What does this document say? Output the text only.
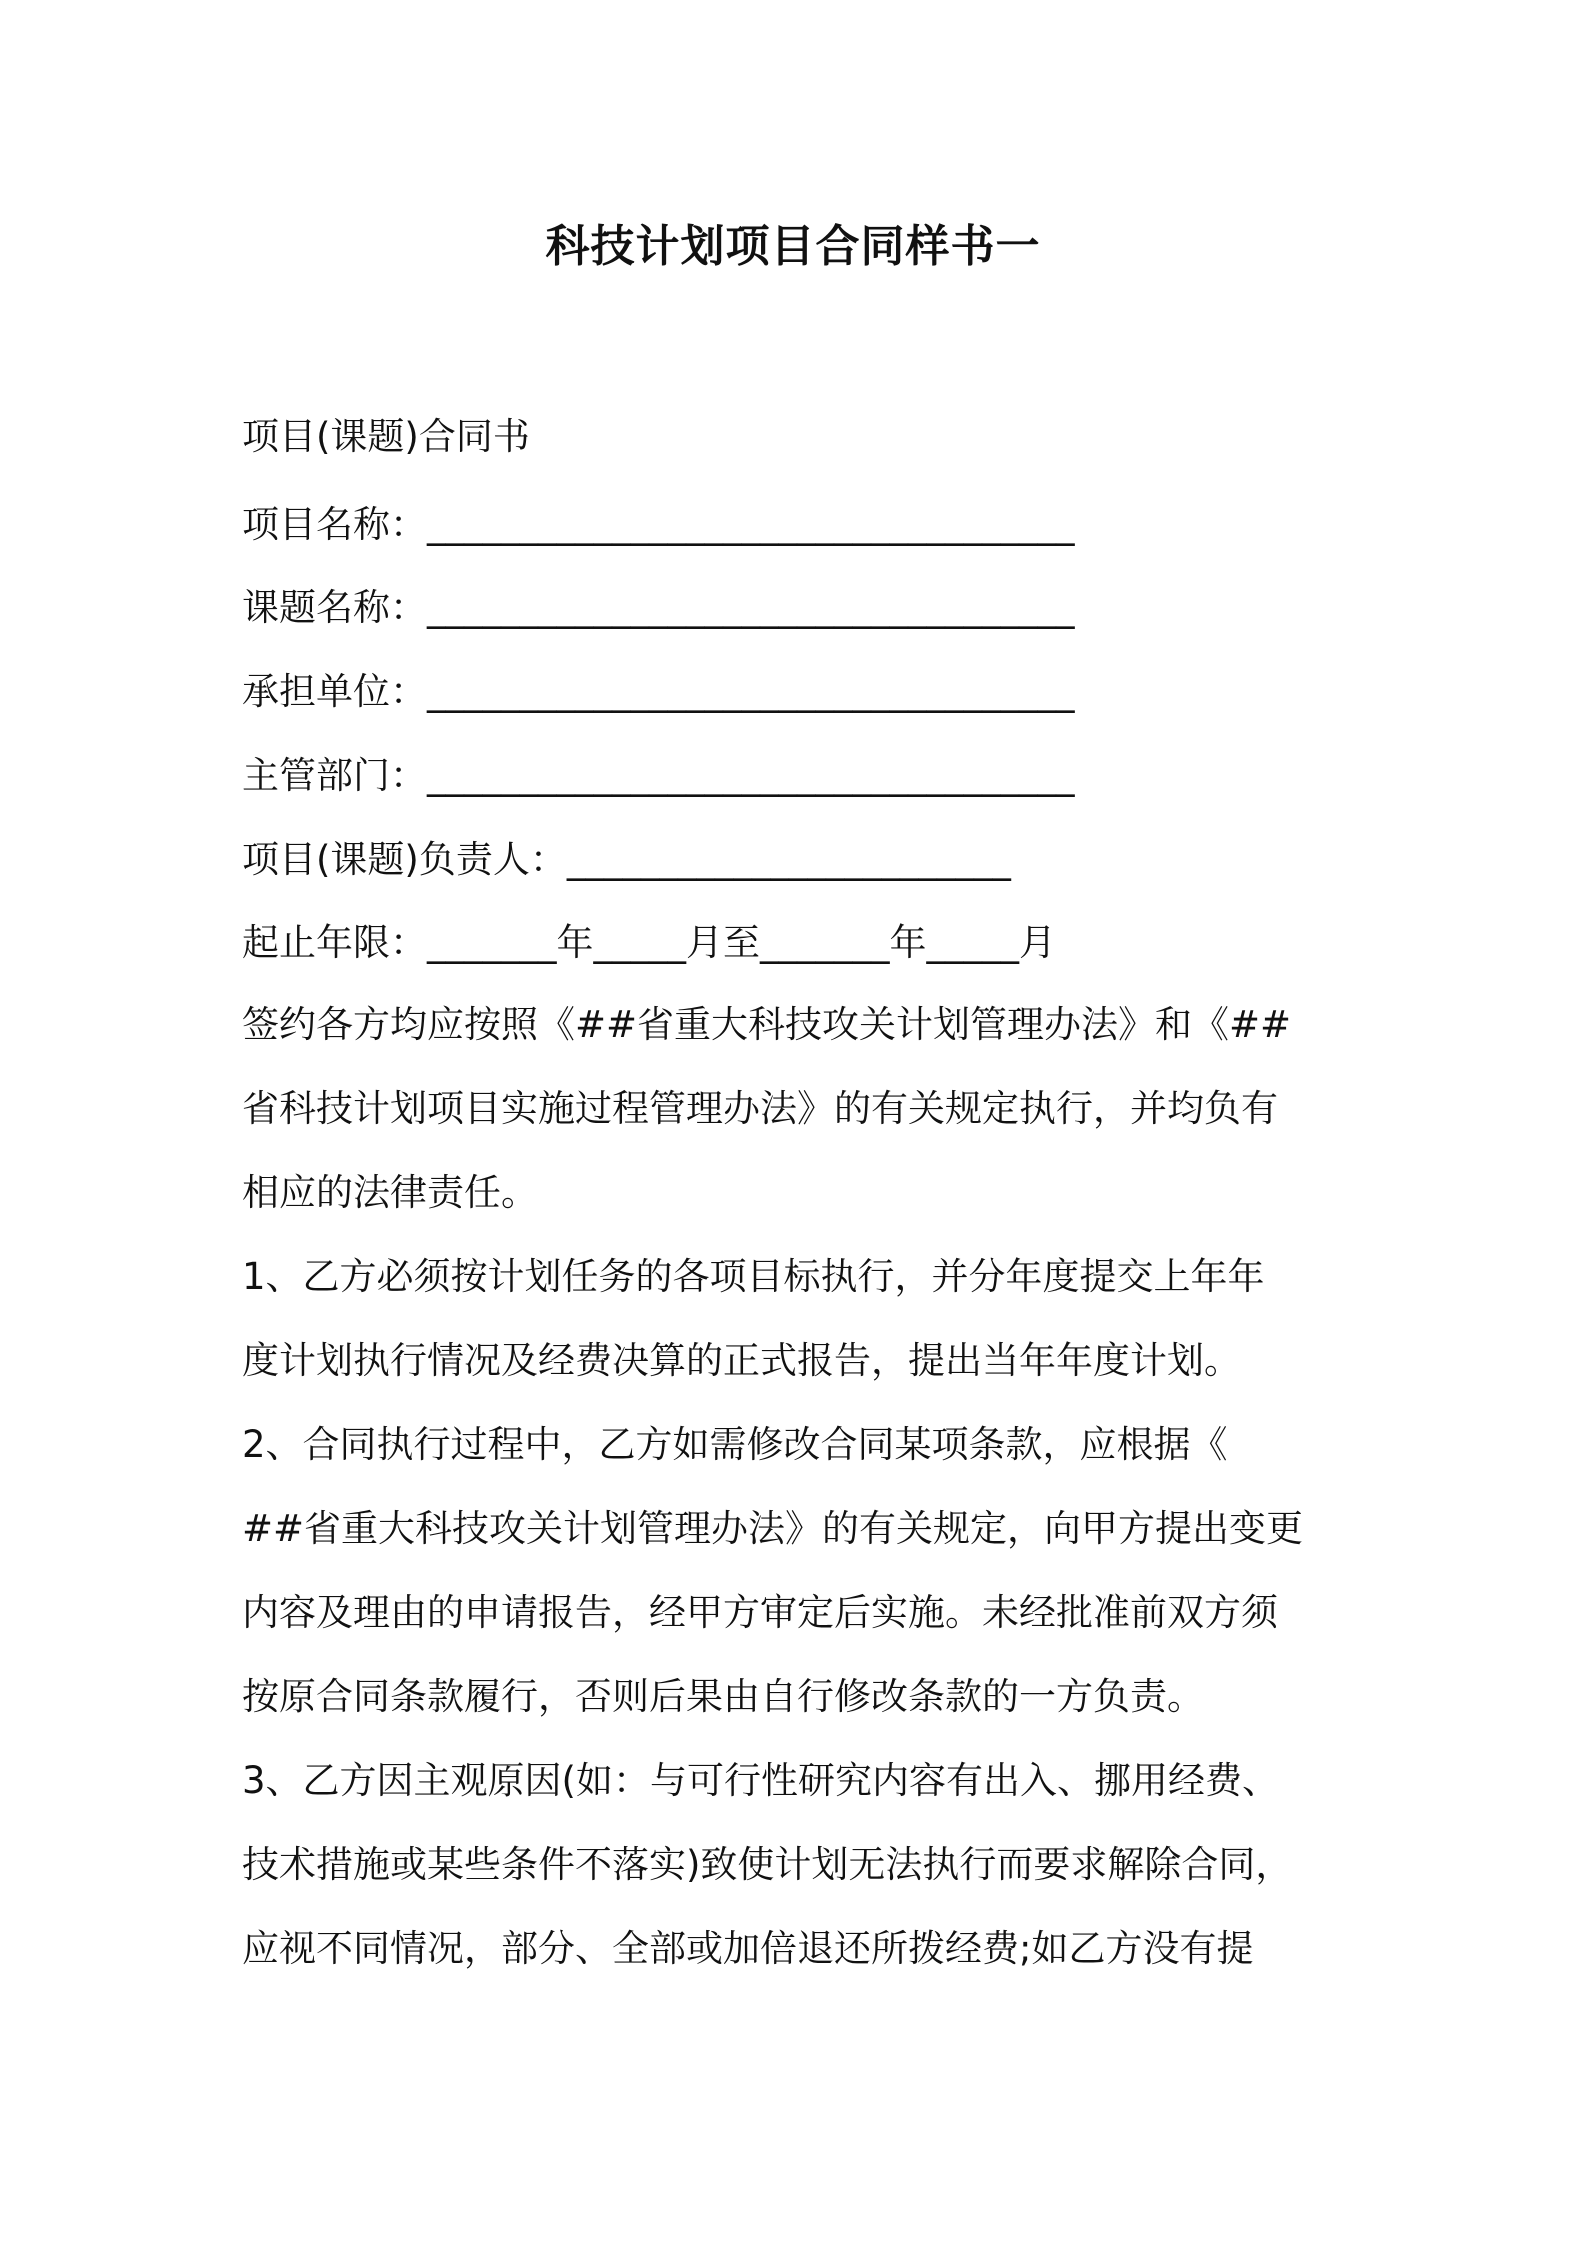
科技计划项目合同样书一
项目(课题)合同书
项目名称：___________________________________
课题名称：___________________________________
承担单位：___________________________________
主管部门：___________________________________
项目(课题)负责人：________________________
起止年限：_______年_____月至_______年_____月
签约各方均应按照《##省重大科技攻关计划管理办法》和《##
省科技计划项目实施过程管理办法》的有关规定执行，并均负有
相应的法律责任。
1、乙方必须按计划任务的各项目标执行，并分年度提交上年年
度计划执行情况及经费决算的正式报告，提出当年年度计划。
2、合同执行过程中，乙方如需修改合同某项条款，应根据《
##省重大科技攻关计划管理办法》的有关规定，向甲方提出变更
内容及理由的申请报告，经甲方审定后实施。未经批准前双方须
按原合同条款履行，否则后果由自行修改条款的一方负责。
3、乙方因主观原因(如：与可行性研究内容有出入、挪用经费、
技术措施或某些条件不落实)致使计划无法执行而要求解除合同，
应视不同情况，部分、全部或加倍退还所拨经费;如乙方没有提
